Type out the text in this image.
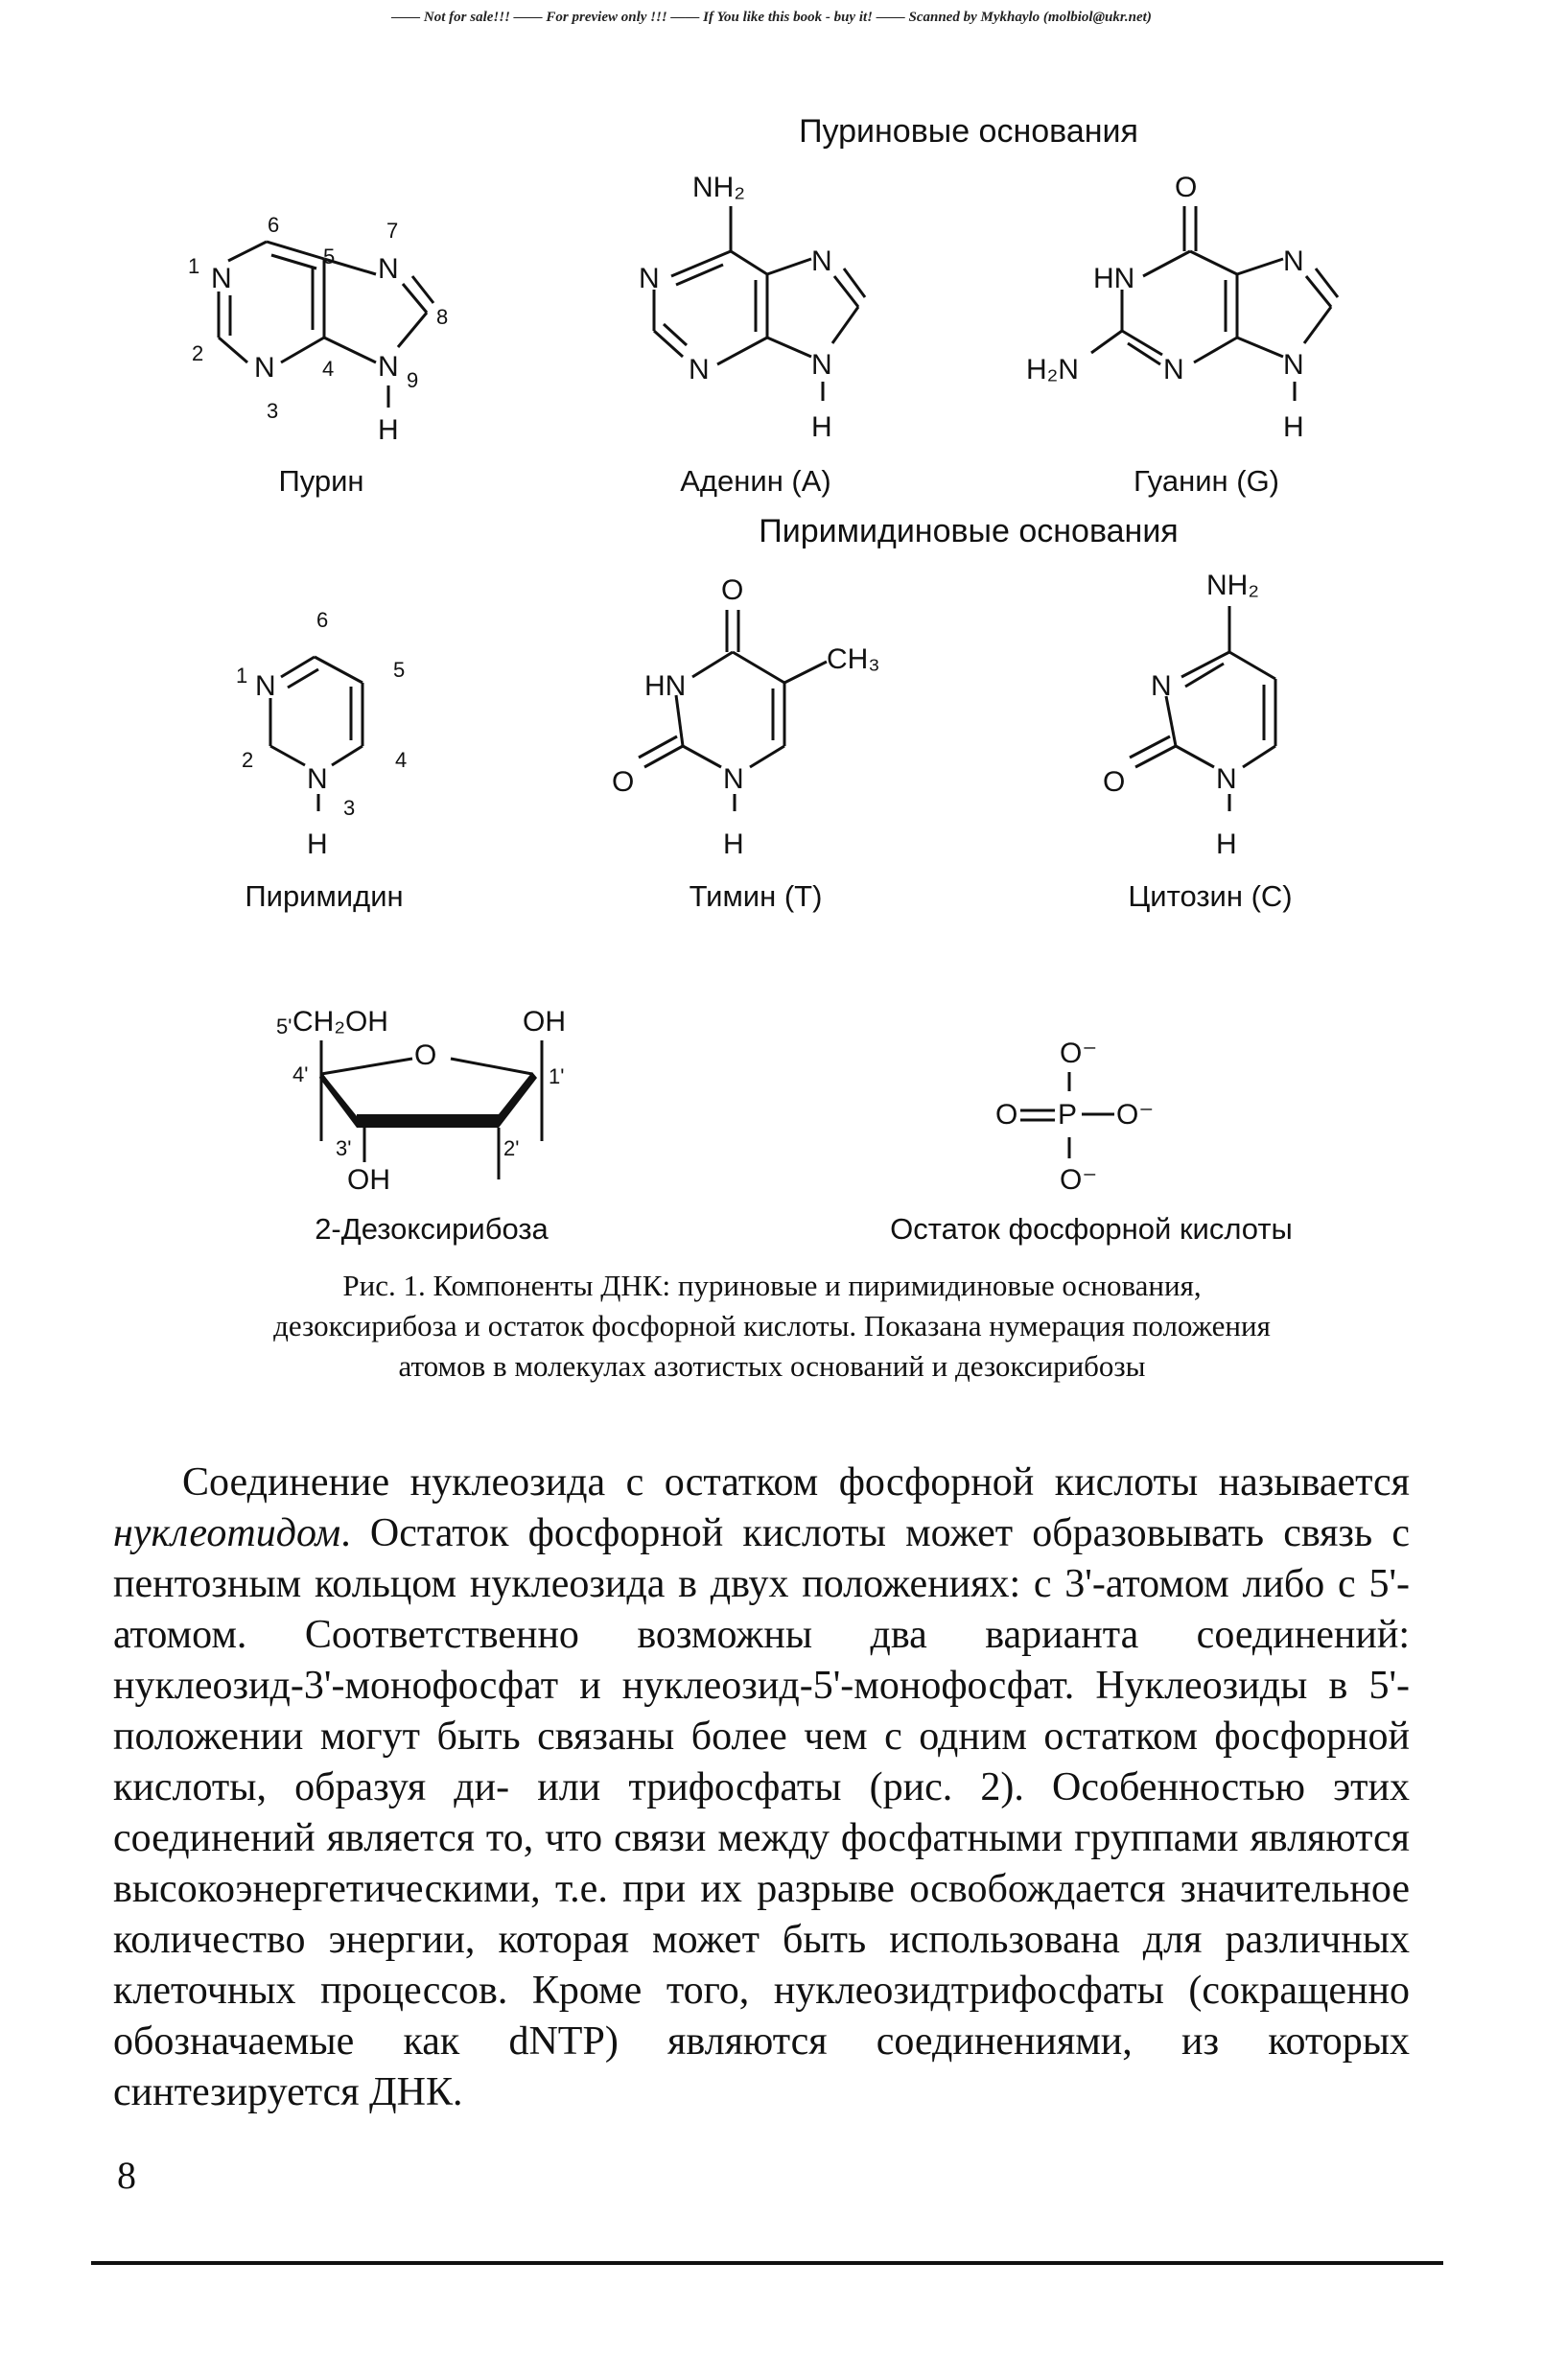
—— Not for sale!!! —— For preview only !!! —— If You like this book - buy it! —— Scanned by Mykhaylo (molbiol@ukr.net)
Пуриновые основания
Пиримидиновые основания
N
N
N
N
H
1
2
3
4
5
6	7
8
9
Пурин
NH₂
N
N
N
N
H
Аденин (А)
O
HN
H₂N	N
N
N
H
Гуанин (G)
N
N
H
1
2
3
4
5
6
Пиримидин
O
HN
CH₃
O	N
H
Тимин (Т)
NH₂
N
O	N
H
Цитозин (С)
CH₂OH
5'	OH
O
OH
4'	1'
3'	2'
2-Дезоксирибоза
O⁻
O P O⁻
O⁻
Остаток фосфорной кислоты
Рис. 1. Компоненты ДНК: пуриновые и пиримидиновые основания,
дезоксирибоза и остаток фосфорной кислоты. Показана нумерация положения
атомов в молекулах азотистых оснований и дезоксирибозы
Соединение нуклеозида с остатком фосфорной кислоты называется нуклеотидом. Остаток фосфорной кислоты может образовывать связь с пентозным кольцом нуклеозида в двух положениях: с 3'-атомом либо с 5'-атомом. Соответственно возможны два варианта соединений: нуклеозид-3'-монофосфат и нуклеозид-5'-монофосфат. Нуклеозиды в 5'-положении могут быть связаны более чем с одним остатком фосфорной кислоты, образуя ди- или трифосфаты (рис. 2). Особенностью этих соединений является то, что связи между фосфатными группами являются высокоэнергетическими, т.е. при их разрыве освобождается значительное количество энергии, которая может быть использована для различных клеточных процессов. Кроме того, нуклеозидтрифосфаты (сокращенно обозначаемые как dNTP) являются соединениями, из которых синтезируется ДНК.
8
